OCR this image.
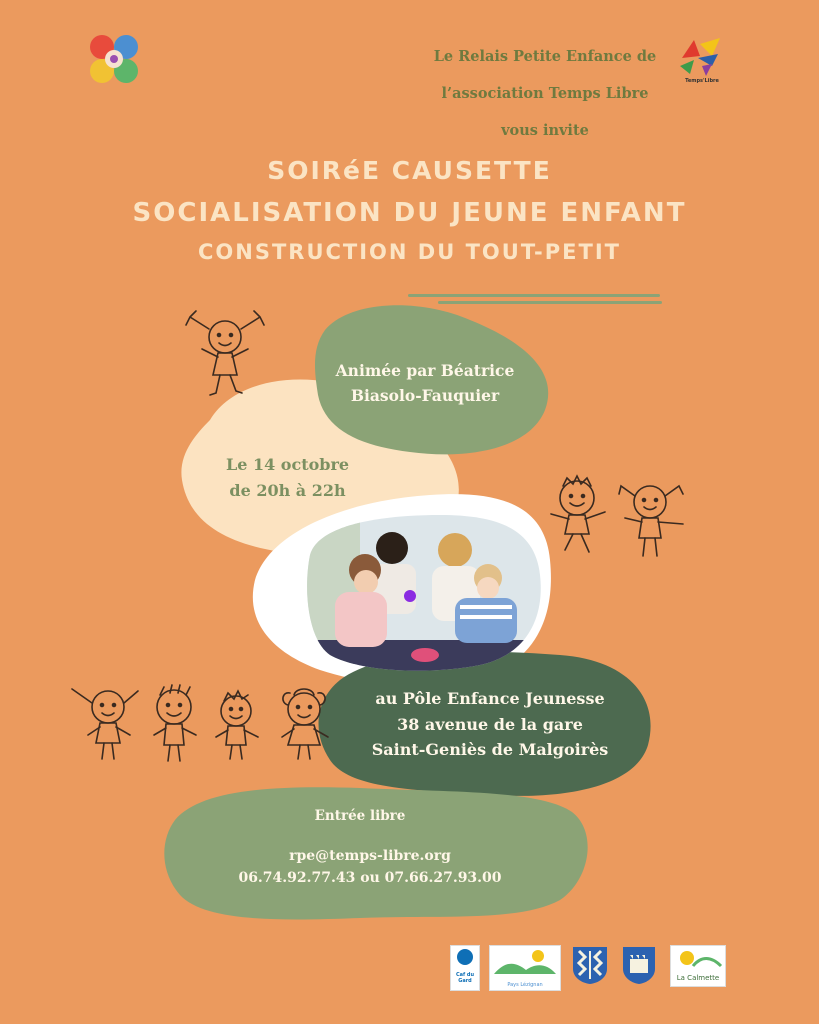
Le Relais Petite Enfance de
l’association Temps Libre
vous invite
Temps'Libre
SOIRéE CAUSETTE
SOCIALISATION DU JEUNE ENFANT
CONSTRUCTION DU TOUT-PETIT
Animée par Béatrice
Biasolo-Fauquier
Le 14 octobre
de 20h à 22h
au Pôle Enfance Jeunesse
38 avenue de la gare
Saint-Geniès de Malgoirès
Entrée libre
rpe@temps-libre.org
06.74.92.77.43 ou 07.66.27.93.00
Caf du Gard
Pays Lézignan
La Calmette
